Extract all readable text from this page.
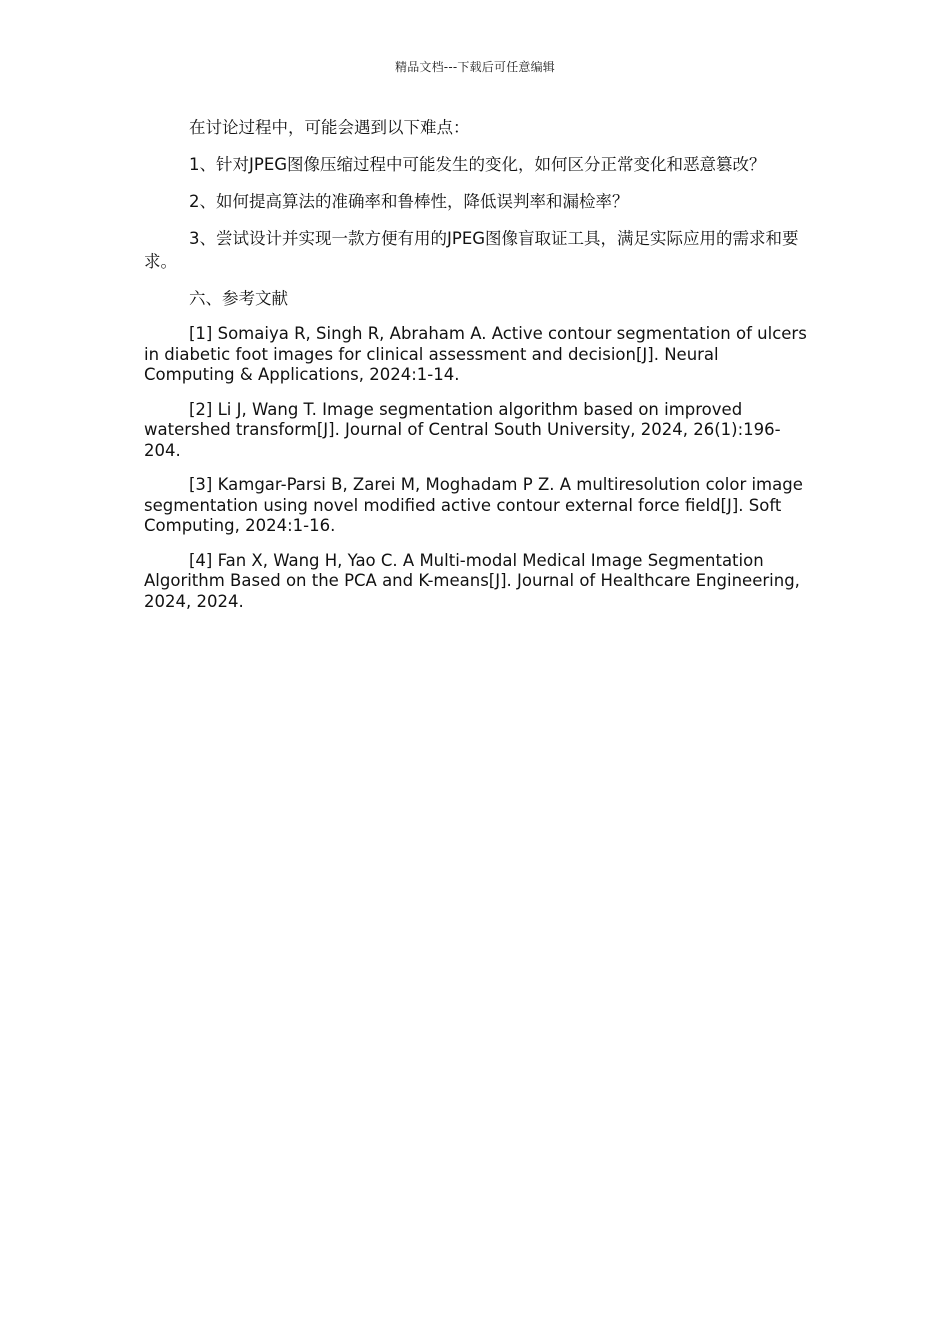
精品文档---下载后可任意编辑

在讨论过程中，可能会遇到以下难点：

1、针对JPEG图像压缩过程中可能发生的变化，如何区分正常变化和恶意篡改？

2、如何提高算法的准确率和鲁棒性，降低误判率和漏检率？

3、尝试设计并实现一款方便有用的JPEG图像盲取证工具，满足实际应用的需求和要求。

六、参考文献

[1] Somaiya R, Singh R, Abraham A. Active contour segmentation of ulcers in diabetic foot images for clinical assessment and decision[J]. Neural Computing & Applications, 2024:1-14.

[2] Li J, Wang T. Image segmentation algorithm based on improved watershed transform[J]. Journal of Central South University, 2024, 26(1):196-204.

[3] Kamgar-Parsi B, Zarei M, Moghadam P Z. A multiresolution color image segmentation using novel modified active contour external force field[J]. Soft Computing, 2024:1-16.

[4] Fan X, Wang H, Yao C. A Multi-modal Medical Image Segmentation Algorithm Based on the PCA and K-means[J]. Journal of Healthcare Engineering, 2024, 2024.
